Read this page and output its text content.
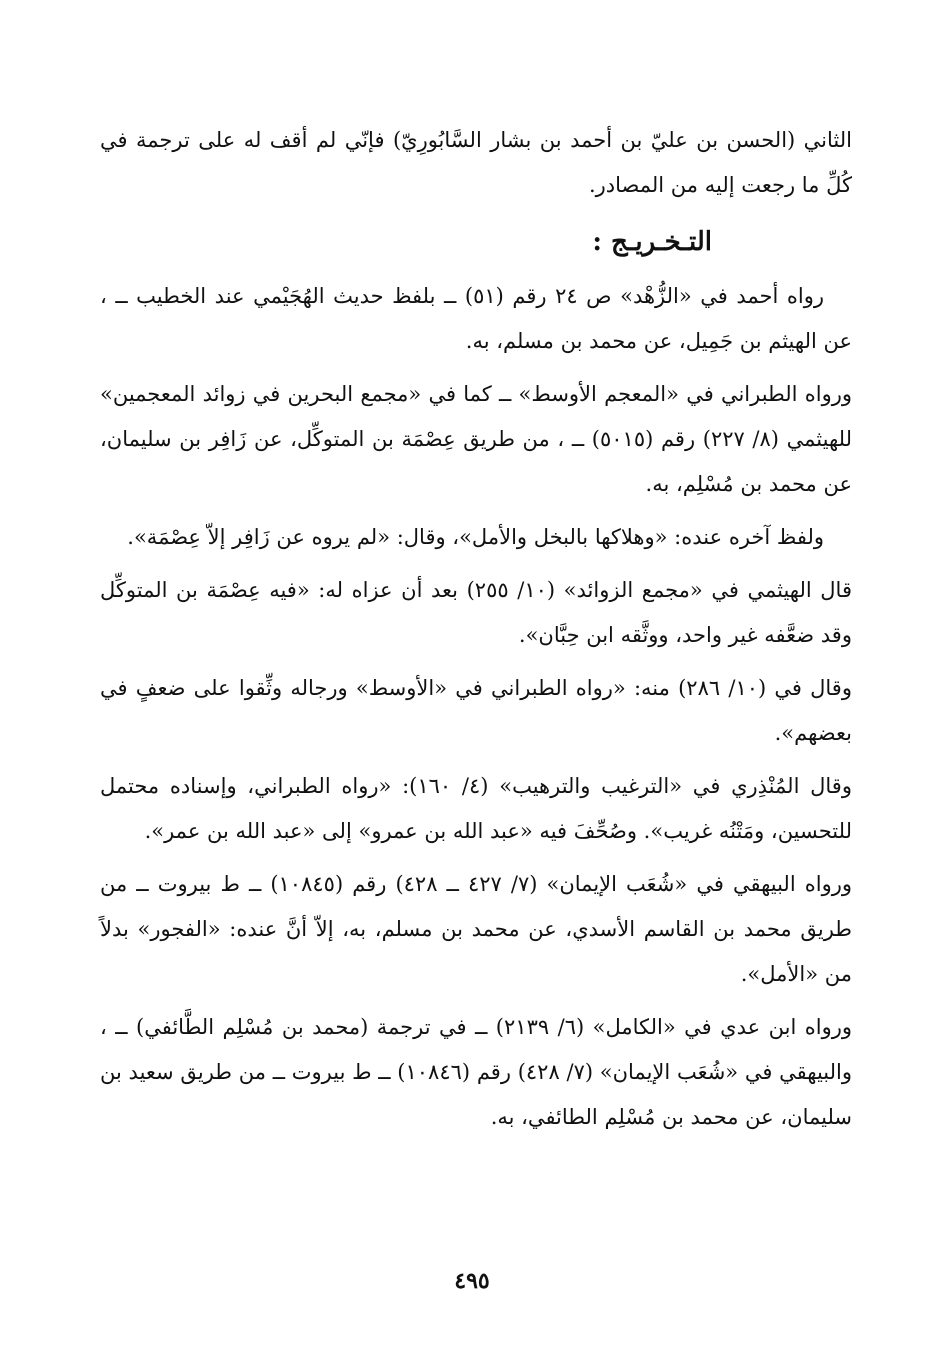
الثاني (الحسن بن عليّ بن أحمد بن بشار السَّابُورِيّ) فإنّي لم أقف له على ترجمة في كُلِّ ما رجعت إليه من المصادر.

التـخـريـج :

رواه أحمد في «الزُّهْد» ص ٢٤ رقم (٥١) ــ بلفظ حديث الهُجَيْمي عند الخطيب ــ ، عن الهيثم بن جَمِيل، عن محمد بن مسلم، به.

ورواه الطبراني في «المعجم الأوسط» ــ كما في «مجمع البحرين في زوائد المعجمين» للهيثمي (٨/ ٢٢٧) رقم (٥٠١٥) ــ ، من طريق عِصْمَة بن المتوكِّل، عن زَافِر بن سليمان، عن محمد بن مُسْلِم، به.

ولفظ آخره عنده: «وهلاكها بالبخل والأمل»، وقال: «لم يروه عن زَافِر إلاّ عِصْمَة».

قال الهيثمي في «مجمع الزوائد» (١٠/ ٢٥٥) بعد أن عزاه له: «فيه عِصْمَة بن المتوكِّل وقد ضعَّفه غير واحد، ووثَّقه ابن حِبَّان».

وقال في (١٠/ ٢٨٦) منه: «رواه الطبراني في «الأوسط» ورجاله وثِّقوا على ضعفٍ في بعضهم».

وقال المُنْذِري في «الترغيب والترهيب» (٤/ ١٦٠): «رواه الطبراني، وإسناده محتمل للتحسين، ومَتْنُه غريب». وصُحِّفَ فيه «عبد الله بن عمرو» إلى «عبد الله بن عمر».

ورواه البيهقي في «شُعَب الإيمان» (٧/ ٤٢٧ ــ ٤٢٨) رقم (١٠٨٤٥) ــ ط بيروت ــ من طريق محمد بن القاسم الأسدي، عن محمد بن مسلم، به، إلاّ أنَّ عنده: «الفجور» بدلاً من «الأمل».

ورواه ابن عدي في «الكامل» (٦/ ٢١٣٩) ــ في ترجمة (محمد بن مُسْلِم الطَّائفي) ــ ، والبيهقي في «شُعَب الإيمان» (٧/ ٤٢٨) رقم (١٠٨٤٦) ــ ط بيروت ــ من طريق سعيد بن سليمان، عن محمد بن مُسْلِم الطائفي، به.

٤٩٥
